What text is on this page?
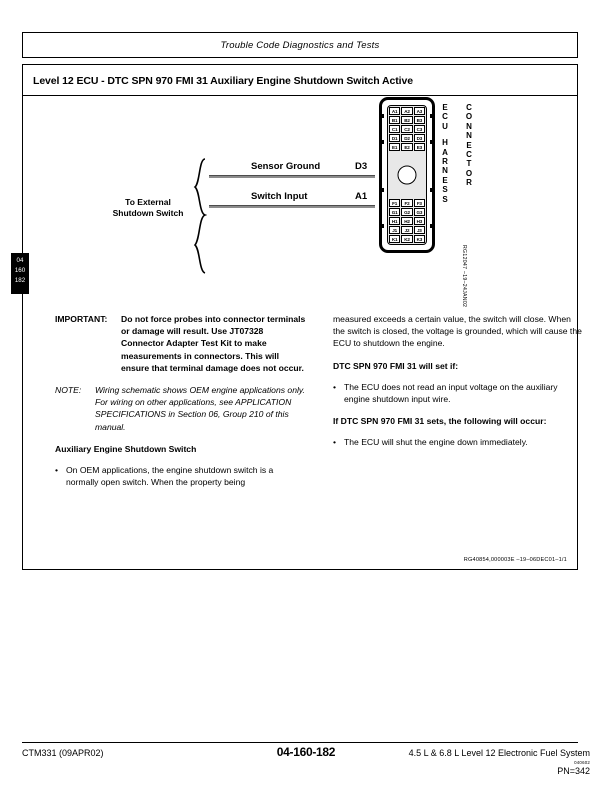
Trouble Code Diagnostics and Tests
Level 12 ECU - DTC SPN 970 FMI 31 Auxiliary Engine Shutdown Switch Active
To External Shutdown Switch
Sensor Ground
Switch Input
D3
A1
A1	A2	A3
B1	B2	B3
C1	C2	C3
D1	D2	D3
E1	E2	E3
F1	F2	F3
G1	G2	G3
H1	H2	H3
J1	J2	J3
K1	K2	K3
E
C
U
H
A
R
N
E
S
S
C
O
N
N
E
C
T
O
R
RG12047 –19–24JAN02
IMPORTANT:	Do not force probes into connector terminals or damage will result. Use JT07328 Connector Adapter Test Kit to make measurements in connectors. This will ensure that terminal damage does not occur.
NOTE:	Wiring schematic shows OEM engine applications only. For wiring on other applications, see APPLICATION SPECIFICATIONS in Section 06, Group 210 of this manual.
Auxiliary Engine Shutdown Switch
• On OEM applications, the engine shutdown switch is a normally open switch. When the property being
measured exceeds a certain value, the switch will close. When the switch is closed, the voltage is grounded, which will cause the ECU to shutdown the engine.
DTC SPN 970 FMI 31 will set if:
• The ECU does not read an input voltage on the auxiliary engine shutdown input wire.
If DTC SPN 970 FMI 31 sets, the following will occur:
• The ECU will shut the engine down immediately.
RG40854,000003E –19–06DEC01–1/1
04
160
182
CTM331 (09APR02)	04-160-182	4.5 L & 6.8 L Level 12 Electronic Fuel System
040602
PN=342
